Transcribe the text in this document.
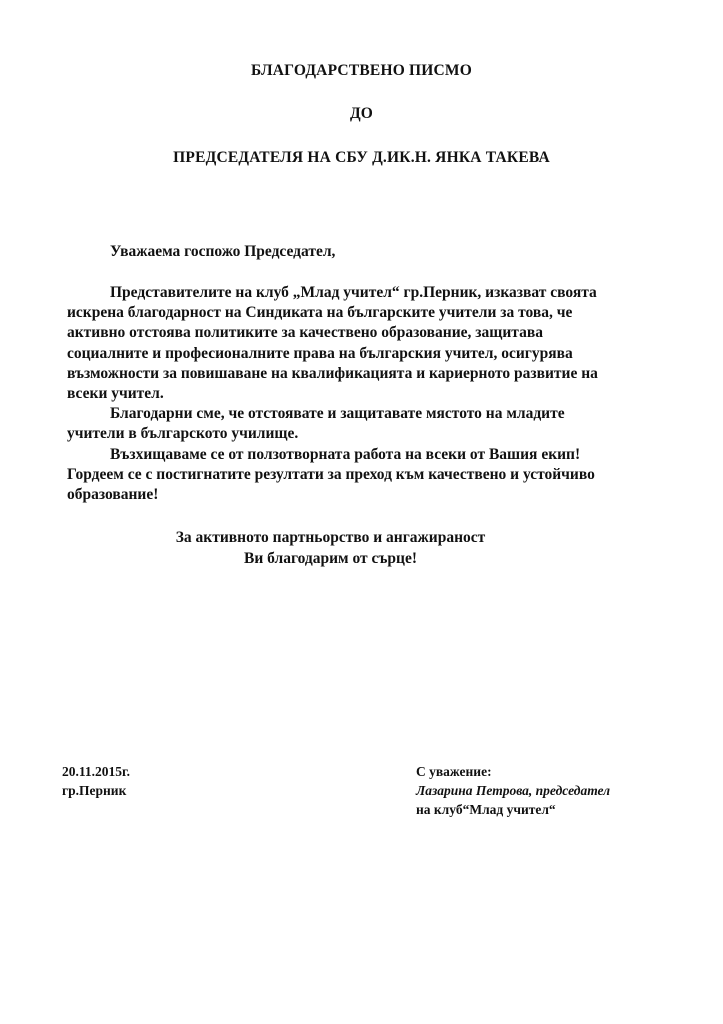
БЛАГОДАРСТВЕНО ПИСМО
ДО
ПРЕДСЕДАТЕЛЯ НА СБУ Д.ИК.Н. ЯНКА ТАКЕВА
Уважаема госпожо Председател,
Представителите на клуб „Млад учител“ гр.Перник, изказват своята
искрена благодарност на Синдиката на българските учители за това, че
активно отстоява политиките за качествено образование, защитава
социалните и професионалните права на българския учител, осигурява
възможности за повишаване на квалификацията и кариерното развитие на
всеки учител.
Благодарни сме, че отстоявате и защитавате мястото на младите
учители в българското училище.
Възхищаваме се от ползотворната работа на всеки от Вашия екип!
Гордеем се с постигнатите резултати за преход към качествено и устойчиво
образование!
За активното партньорство и ангажираност
Ви благодарим от сърце!
20.11.2015г.
гр.Перник
С уважение:
Лазарина Петрова, председател
на клуб“Млад учител“
